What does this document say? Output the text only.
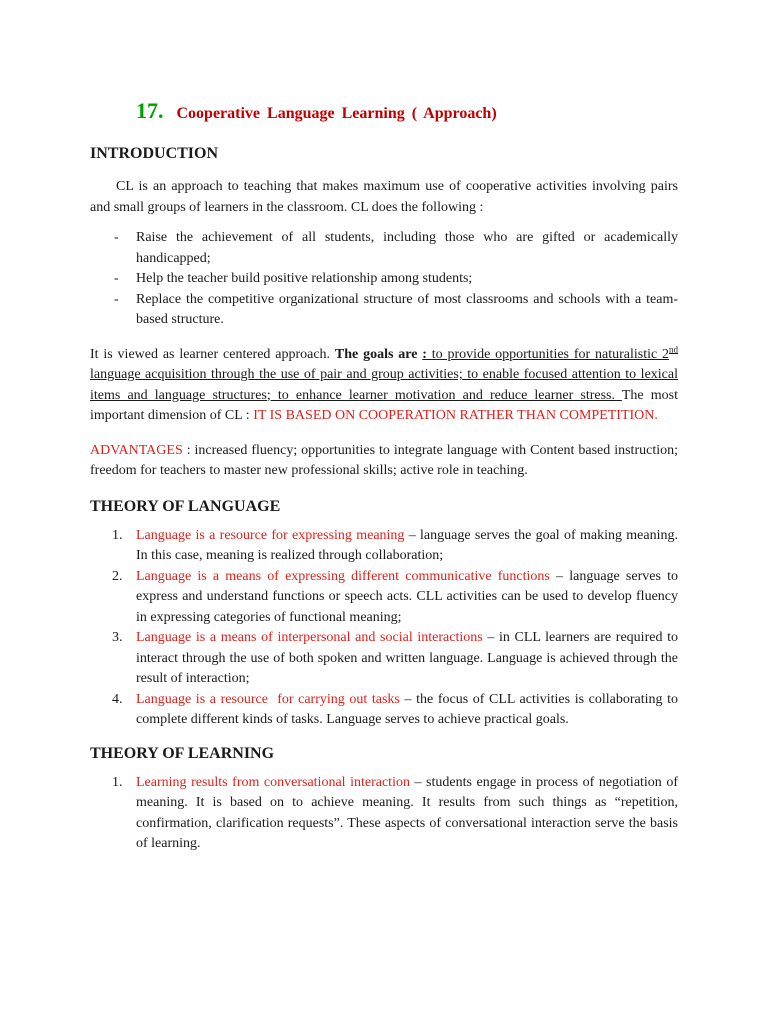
17. Cooperative Language Learning ( Approach)
INTRODUCTION

CL is an approach to teaching that makes maximum use of cooperative activities involving pairs and small groups of learners in the classroom. CL does the following :

- Raise the achievement of all students, including those who are gifted or academically handicapped;
- Help the teacher build positive relationship among students;
- Replace the competitive organizational structure of most classrooms and schools with a team-based structure.

It is viewed as learner centered approach. The goals are : to provide opportunities for naturalistic 2nd language acquisition through the use of pair and group activities; to enable focused attention to lexical items and language structures; to enhance learner motivation and reduce learner stress. The most important dimension of CL : IT IS BASED ON COOPERATION RATHER THAN COMPETITION.

ADVANTAGES : increased fluency; opportunities to integrate language with Content based instruction; freedom for teachers to master new professional skills; active role in teaching.

THEORY OF LANGUAGE
1. Language is a resource for expressing meaning – language serves the goal of making meaning. In this case, meaning is realized through collaboration;
2. Language is a means of expressing different communicative functions – language serves to express and understand functions or speech acts. CLL activities can be used to develop fluency in expressing categories of functional meaning;
3. Language is a means of interpersonal and social interactions – in CLL learners are required to interact through the use of both spoken and written language. Language is achieved through the result of interaction;
4. Language is a resource  for carrying out tasks – the focus of CLL activities is collaborating to complete different kinds of tasks. Language serves to achieve practical goals.
THEORY OF LEARNING
1. Learning results from conversational interaction – students engage in process of negotiation of meaning. It is based on to achieve meaning. It results from such things as “repetition, confirmation, clarification requests”. These aspects of conversational interaction serve the basis of learning.
